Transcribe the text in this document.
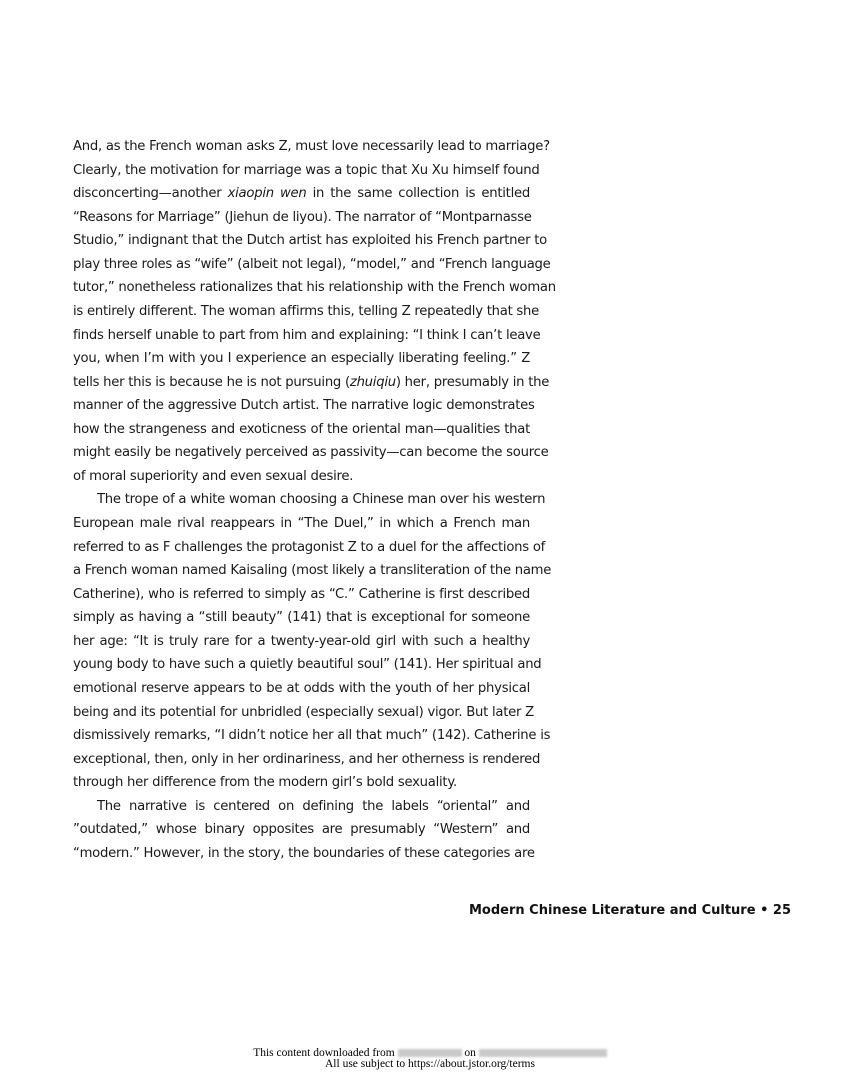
And, as the French woman asks Z, must love necessarily lead to marriage?
Clearly, the motivation for marriage was a topic that Xu Xu himself found
disconcerting—another xiaopin wen in the same collection is entitled
“Reasons for Marriage” (Jiehun de liyou). The narrator of “Montparnasse
Studio,” indignant that the Dutch artist has exploited his French partner to
play three roles as “wife” (albeit not legal), “model,” and “French language
tutor,” nonetheless rationalizes that his relationship with the French woman
is entirely different. The woman affirms this, telling Z repeatedly that she
finds herself unable to part from him and explaining: “I think I can’t leave
you, when I’m with you I experience an especially liberating feeling.” Z
tells her this is because he is not pursuing (zhuiqiu) her, presumably in the
manner of the aggressive Dutch artist. The narrative logic demonstrates
how the strangeness and exoticness of the oriental man—qualities that
might easily be negatively perceived as passivity—can become the source
of moral superiority and even sexual desire.
The trope of a white woman choosing a Chinese man over his western
European male rival reappears in “The Duel,” in which a French man
referred to as F challenges the protagonist Z to a duel for the affections of
a French woman named Kaisaling (most likely a transliteration of the name
Catherine), who is referred to simply as “C.” Catherine is first described
simply as having a “still beauty” (141) that is exceptional for someone
her age: “It is truly rare for a twenty-year-old girl with such a healthy
young body to have such a quietly beautiful soul” (141). Her spiritual and
emotional reserve appears to be at odds with the youth of her physical
being and its potential for unbridled (especially sexual) vigor. But later Z
dismissively remarks, “I didn’t notice her all that much” (142). Catherine is
exceptional, then, only in her ordinariness, and her otherness is rendered
through her difference from the modern girl’s bold sexuality.
The narrative is centered on defining the labels “oriental” and
”outdated,” whose binary opposites are presumably “Western” and
“modern.” However, in the story, the boundaries of these categories are
Modern Chinese Literature and Culture • 25
This content downloaded from	on
All use subject to https://about.jstor.org/terms
